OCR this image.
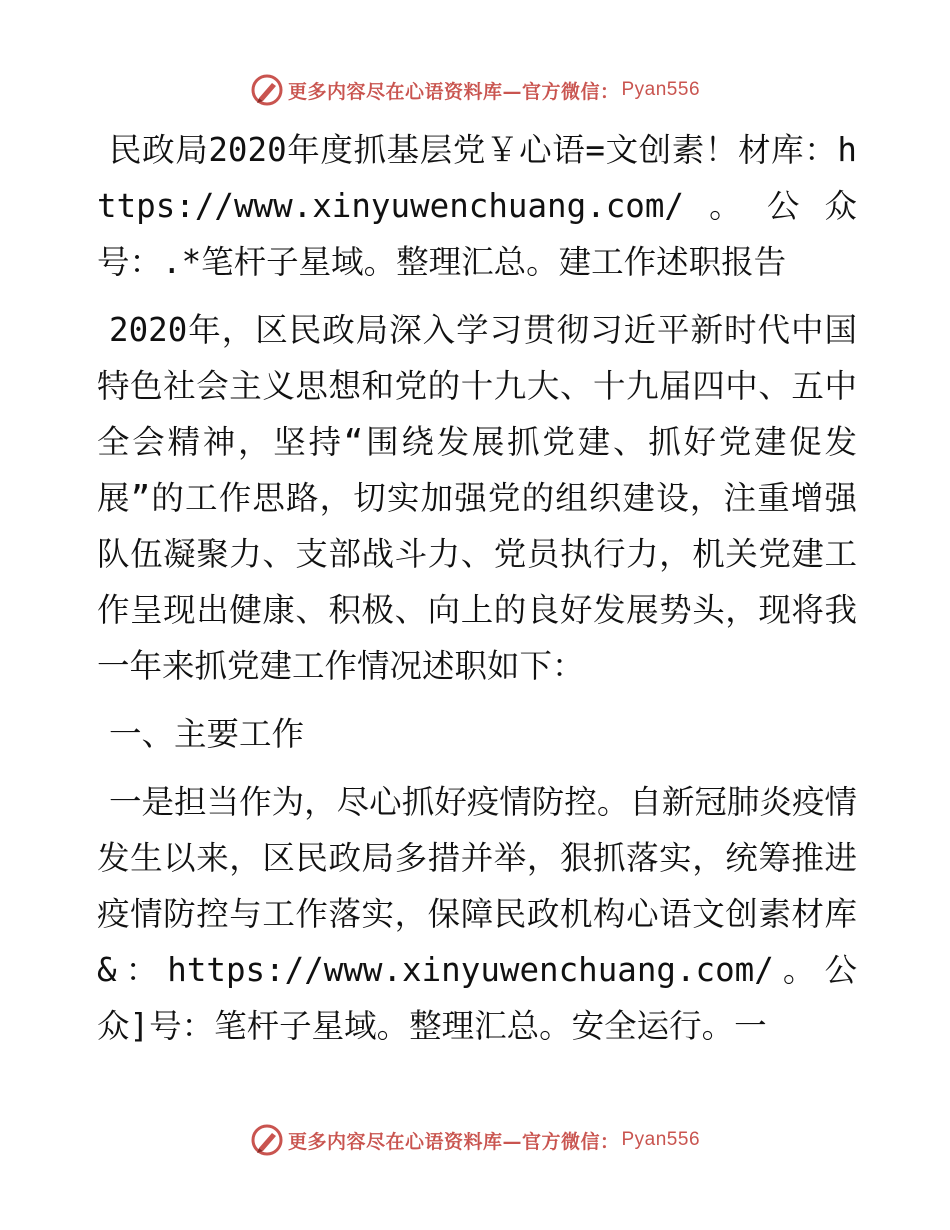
更多内容尽在心语资料库—官方微信： Pyan556

民政局2020年度抓基层党￥心语=文创素！材库：https://www.xinyuwenchuang.com/。公众号：.*笔杆子星域。整理汇总。建工作述职报告

2020年，区民政局深入学习贯彻习近平新时代中国特色社会主义思想和党的十九大、十九届四中、五中全会精神，坚持“围绕发展抓党建、抓好党建促发展”的工作思路，切实加强党的组织建设，注重增强队伍凝聚力、支部战斗力、党员执行力，机关党建工作呈现出健康、积极、向上的良好发展势头，现将我一年来抓党建工作情况述职如下：

一、主要工作

一是担当作为，尽心抓好疫情防控。自新冠肺炎疫情发生以来，区民政局多措并举，狠抓落实，统筹推进疫情防控与工作落实，保障民政机构心语文创素材库&：https://www.xinyuwenchuang.com/。公众]号：笔杆子星域。整理汇总。安全运行。一

更多内容尽在心语资料库—官方微信： Pyan556
